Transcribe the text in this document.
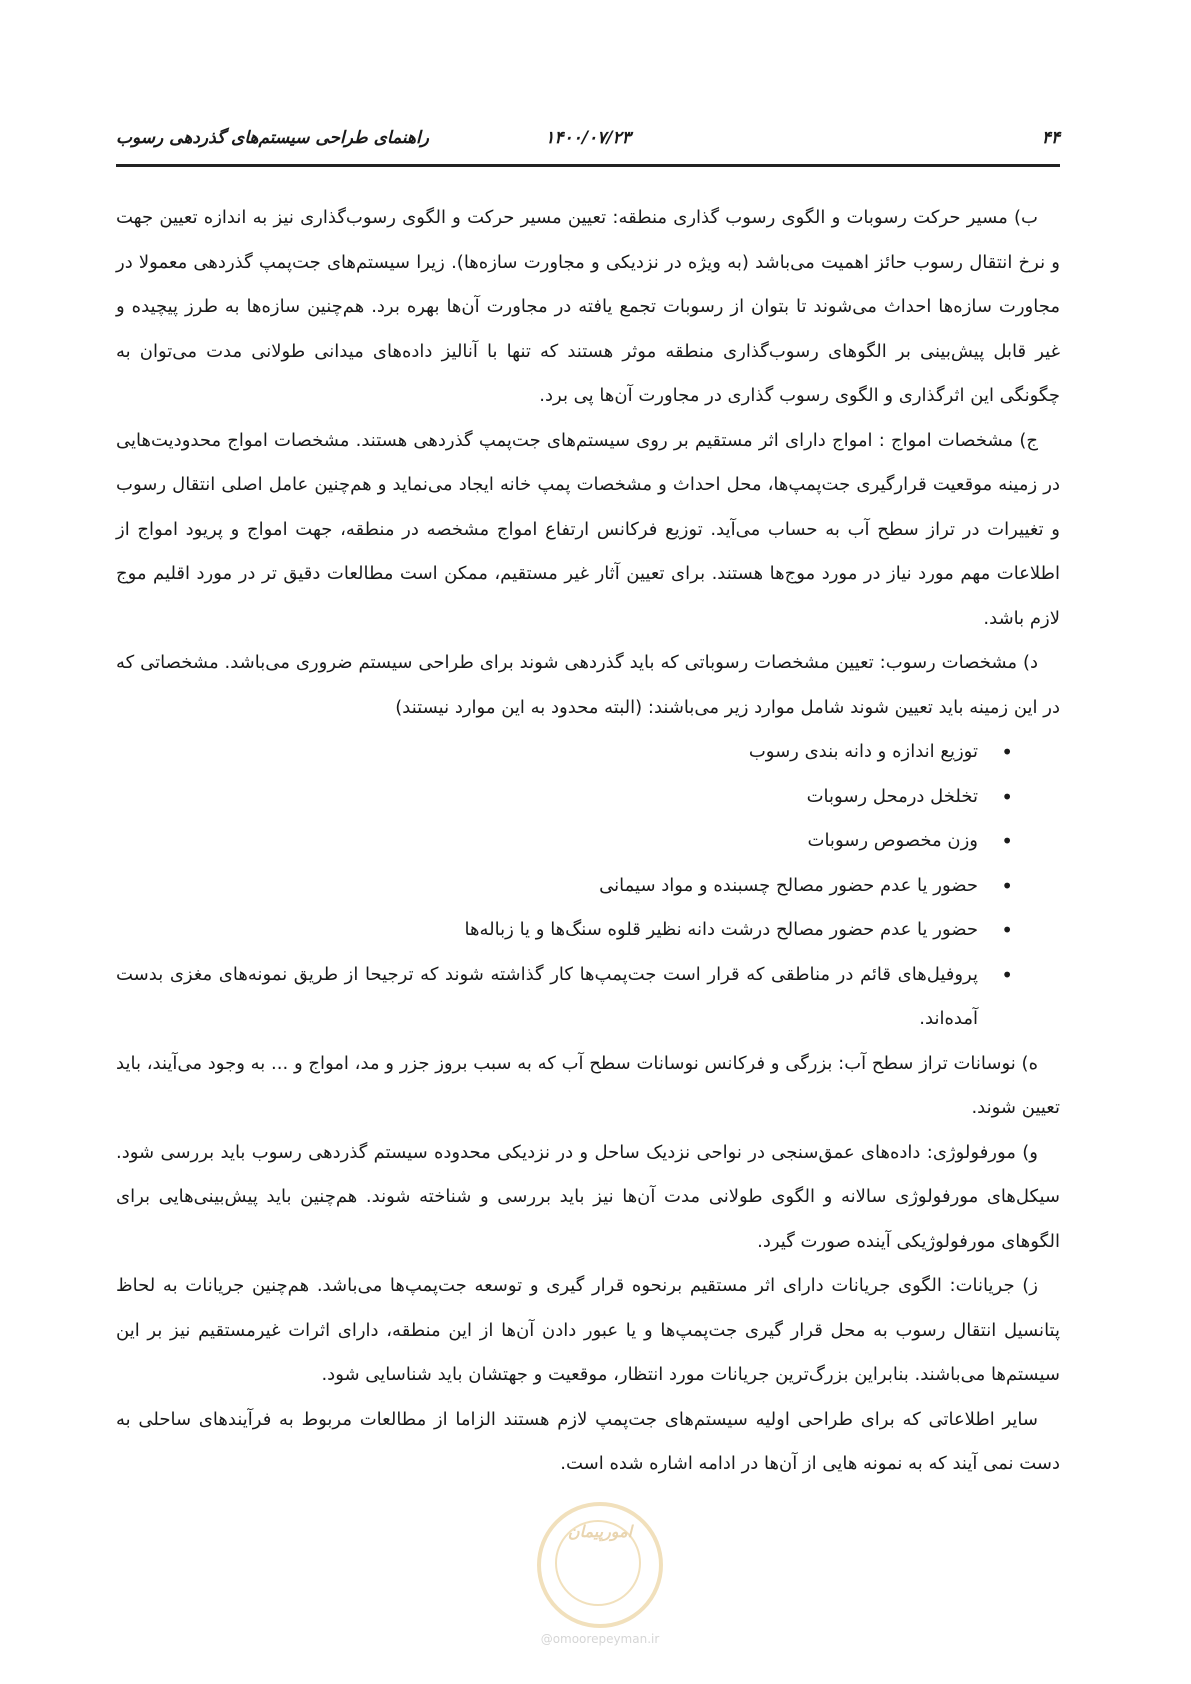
۴۴
۱۴۰۰/۰۷/۲۳
راهنمای طراحی سیستم‌های گذردهی رسوب

ب) مسیر حرکت رسوبات و الگوی رسوب گذاری منطقه: تعیین مسیر حرکت و الگوی رسوب‌گذاری نیز به اندازه تعیین جهت و نرخ انتقال رسوب حائز اهمیت می‌باشد (به ویژه در نزدیکی و مجاورت سازه‌ها). زیرا سیستم‌های جت‌پمپ گذردهی معمولا در مجاورت سازه‌ها احداث می‌شوند تا بتوان از رسوبات تجمع یافته در مجاورت آن‌ها بهره برد. هم‌چنین سازه‌ها به طرز پیچیده و غیر قابل پیش‌بینی بر الگوهای رسوب‌گذاری منطقه موثر هستند که تنها با آنالیز داده‌های میدانی طولانی مدت می‌توان به چگونگی این اثرگذاری و الگوی رسوب گذاری در مجاورت آن‌ها پی برد.

ج) مشخصات امواج : امواج دارای اثر مستقیم بر روی سیستم‌های جت‌پمپ گذردهی هستند. مشخصات امواج محدودیت‌هایی در زمینه موقعیت قرارگیری جت‌پمپ‌ها، محل احداث و مشخصات پمپ خانه ایجاد می‌نماید و هم‌چنین عامل اصلی انتقال رسوب و تغییرات در تراز سطح آب به حساب می‌آید. توزیع فرکانس ارتفاع امواج مشخصه در منطقه، جهت امواج و پریود امواج از اطلاعات مهم مورد نیاز در مورد موج‌ها هستند. برای تعیین آثار غیر مستقیم، ممکن است مطالعات دقیق تر در مورد اقلیم موج لازم باشد.

د) مشخصات رسوب: تعیین مشخصات رسوباتی که باید گذردهی شوند برای طراحی سیستم ضروری می‌باشد. مشخصاتی که در این زمینه باید تعیین شوند شامل موارد زیر می‌باشند: (البته محدود به این موارد نیستند)

• توزیع اندازه و دانه بندی رسوب
• تخلخل درمحل رسوبات
• وزن مخصوص رسوبات
• حضور یا عدم حضور مصالح چسبنده و مواد سیمانی
• حضور یا عدم حضور مصالح درشت دانه نظیر قلوه سنگ‌ها و یا زباله‌ها
• پروفیل‌های قائم در مناطقی که قرار است جت‌پمپ‌ها کار گذاشته شوند که ترجیحا از طریق نمونه‌های مغزی بدست آمده‌اند.

ه) نوسانات تراز سطح آب: بزرگی و فرکانس نوسانات سطح آب که به سبب بروز جزر و مد، امواج و ... به وجود می‌آیند، باید تعیین شوند.

و) مورفولوژی: داده‌های عمق‌سنجی در نواحی نزدیک ساحل و در نزدیکی محدوده سیستم گذردهی رسوب باید بررسی شود. سیکل‌های مورفولوژی سالانه و الگوی طولانی مدت آن‌ها نیز باید بررسی و شناخته شوند. هم‌چنین باید پیش‌بینی‌هایی برای الگوهای مورفولوژیکی آینده صورت گیرد.

ز) جریانات: الگوی جریانات دارای اثر مستقیم برنحوه قرار گیری و توسعه جت‌پمپ‌ها می‌باشد. هم‌چنین جریانات به لحاظ پتانسیل انتقال رسوب به محل قرار گیری جت‌پمپ‌ها و یا عبور دادن آن‌ها از این منطقه، دارای اثرات غیرمستقیم نیز بر این سیستم‌ها می‌باشند. بنابراین بزرگ‌ترین جریانات مورد انتظار، موقعیت و جهتشان باید شناسایی شود.

سایر اطلاعاتی که برای طراحی اولیه سیستم‌های جت‌پمپ لازم هستند الزاما از مطالعات مربوط به فرآیندهای ساحلی به دست نمی آیند که به نمونه هایی از آن‌ها در ادامه اشاره شده است.

امورپیمان
@omoorepeyman.ir
